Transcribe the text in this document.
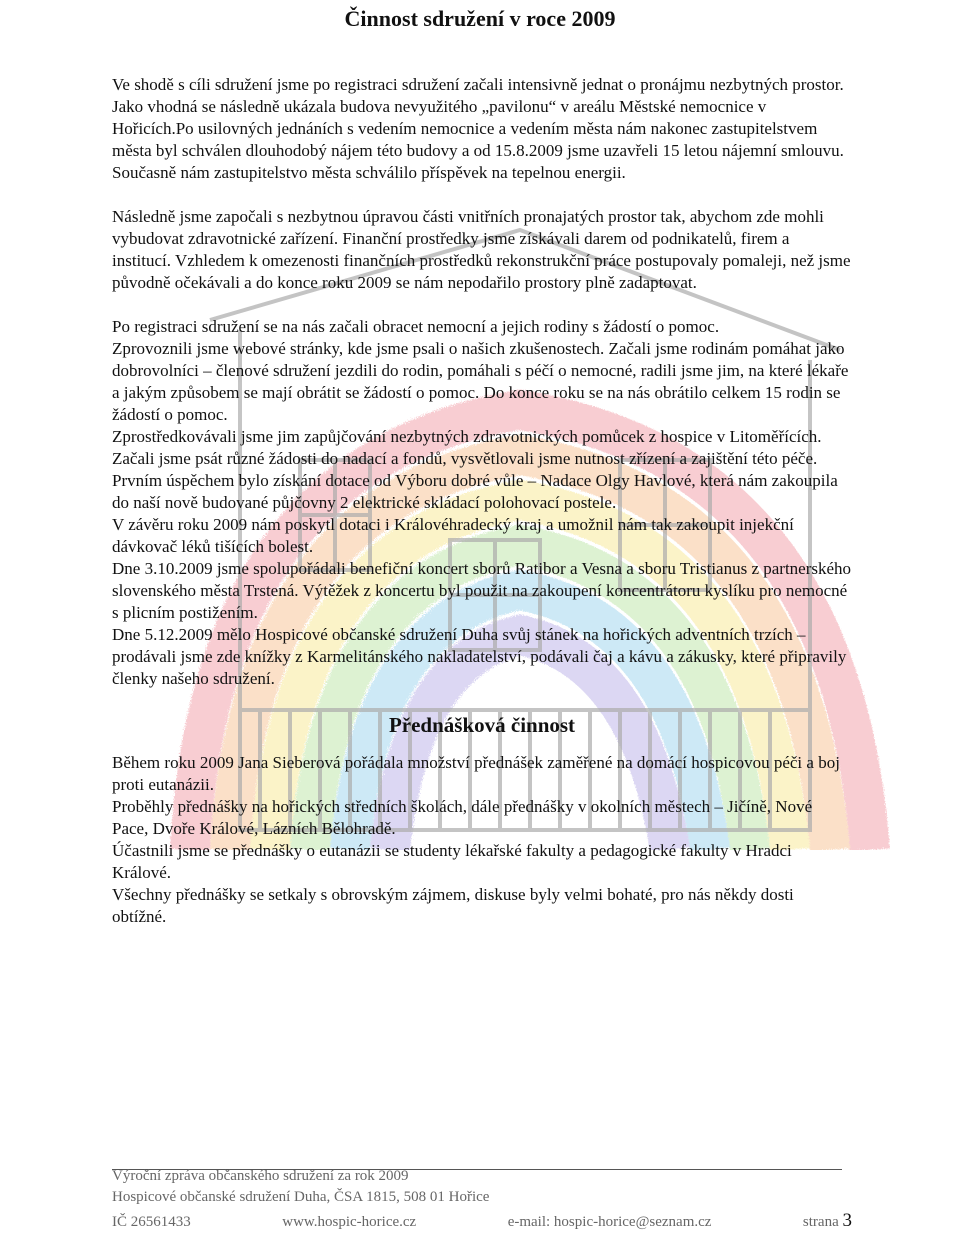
Činnost sdružení v roce 2009

Ve shodě s cíli sdružení jsme po registraci sdružení začali intensivně jednat o pronájmu nezbytných prostor. Jako vhodná se následně ukázala budova nevyužitého „pavilonu“ v areálu Městské nemocnice v Hořicích.Po usilovných jednáních s vedením nemocnice a vedením města nám nakonec zastupitelstvem města byl schválen dlouhodobý nájem této budovy a od 15.8.2009 jsme uzavřeli 15 letou nájemní smlouvu. Současně nám zastupitelstvo města schválilo příspěvek na tepelnou energii.

Následně jsme započali s nezbytnou úpravou části vnitřních pronajatých prostor tak, abychom zde mohli vybudovat zdravotnické zařízení. Finanční prostředky jsme získávali darem od podnikatelů, firem a institucí. Vzhledem k omezenosti finančních prostředků rekonstrukční práce postupovaly pomaleji, než jsme původně očekávali a do konce roku 2009 se nám nepodařilo prostory plně zadaptovat.

Po registraci sdružení se na nás začali obracet nemocní a jejich rodiny s žádostí o pomoc.

Zprovoznili jsme webové stránky, kde jsme psali o našich zkušenostech. Začali jsme rodinám pomáhat jako dobrovolníci – členové sdružení jezdili do rodin, pomáhali s péčí o nemocné, radili jsme jim, na které lékaře a jakým způsobem se mají obrátit se žádostí o pomoc. Do konce roku se na nás obrátilo celkem 15 rodin se žádostí o pomoc.

Zprostředkovávali jsme jim zapůjčování nezbytných zdravotnických pomůcek z hospice v Litoměřících.

Začali jsme psát různé žádosti do nadací a fondů, vysvětlovali jsme nutnost zřízení a zajištění této péče.

Prvním úspěchem bylo získání dotace od Výboru dobré vůle – Nadace Olgy Havlové, která nám zakoupila do naší nově budované půjčovny 2 elektrické skládací polohovací postele.

V závěru roku 2009 nám poskytl dotaci i Královéhradecký kraj a umožnil nám tak zakoupit injekční dávkovač léků tišících bolest.

Dne 3.10.2009 jsme spolupořádali benefiční koncert sborů Ratibor a Vesna a sboru Tristianus z partnerského slovenského města Trstená. Výtěžek z koncertu byl použit na zakoupení koncentrátoru kyslíku pro nemocné s plicním postižením.

Dne 5.12.2009 mělo Hospicové občanské sdružení Duha svůj stánek na hořických adventních trzích – prodávali jsme zde knížky z Karmelitánského nakladatelství, podávali čaj a kávu a zákusky, které připravily členky našeho sdružení.

Přednášková činnost

Během roku 2009 Jana Sieberová pořádala množství přednášek zaměřené na domácí hospicovou péči a boj proti eutanázii.

Proběhly přednášky na hořických středních školách, dále přednášky v okolních městech – Jičíně, Nové Pace, Dvoře Králové, Lázních Bělohradě.

Účastnili jsme se přednášky o eutanázii se studenty lékařské fakulty a pedagogické fakulty v Hradci Králové.

Všechny přednášky se setkaly s obrovským zájmem, diskuse byly velmi bohaté, pro nás někdy dosti obtížné.

Výroční zpráva občanského sdružení za rok 2009

Hospicové občanské sdružení Duha, ČSA 1815, 508 01 Hořice

IČ 26561433	www.hospic-horice.cz	e-mail: hospic-horice@seznam.cz	strana 3
